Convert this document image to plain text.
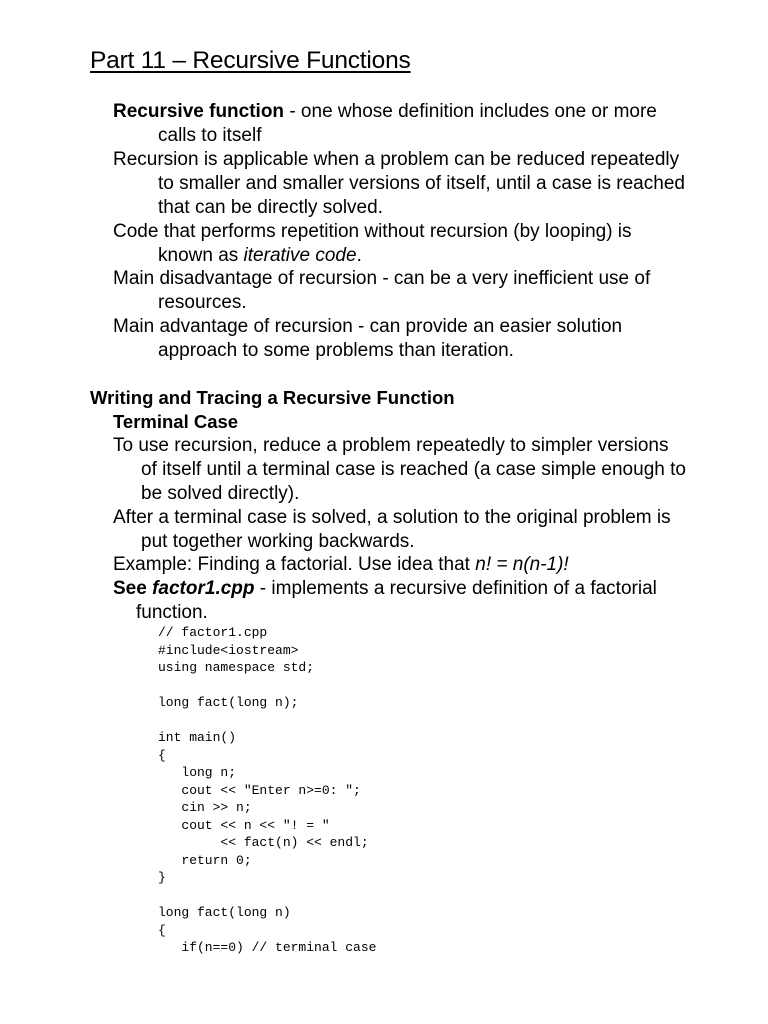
Part 11 – Recursive Functions
Recursive function - one whose definition includes one or more
calls to itself
Recursion is applicable when a problem can be reduced repeatedly
to smaller and smaller versions of itself, until a case is reached
that can be directly solved.
Code that performs repetition without recursion (by looping) is
known as iterative code.
Main disadvantage of recursion - can be a very inefficient use of
resources.
Main advantage of recursion - can provide an easier solution
approach to some problems than iteration.
Writing and Tracing a Recursive Function
Terminal Case
To use recursion, reduce a problem repeatedly to simpler versions
of itself until a terminal case is reached (a case simple enough to
be solved directly).
After a terminal case is solved, a solution to the original problem is
put together working backwards.
Example: Finding a factorial. Use idea that n! = n(n-1)!
See factor1.cpp - implements a recursive definition of a factorial
function.
// factor1.cpp
#include<iostream>
using namespace std;
long fact(long n);
int main()
{
long n;
cout << "Enter n>=0: ";
cin >> n;
cout << n << "! = "
<< fact(n) << endl;
return 0;
}
long fact(long n)
{
if(n==0) // terminal case
